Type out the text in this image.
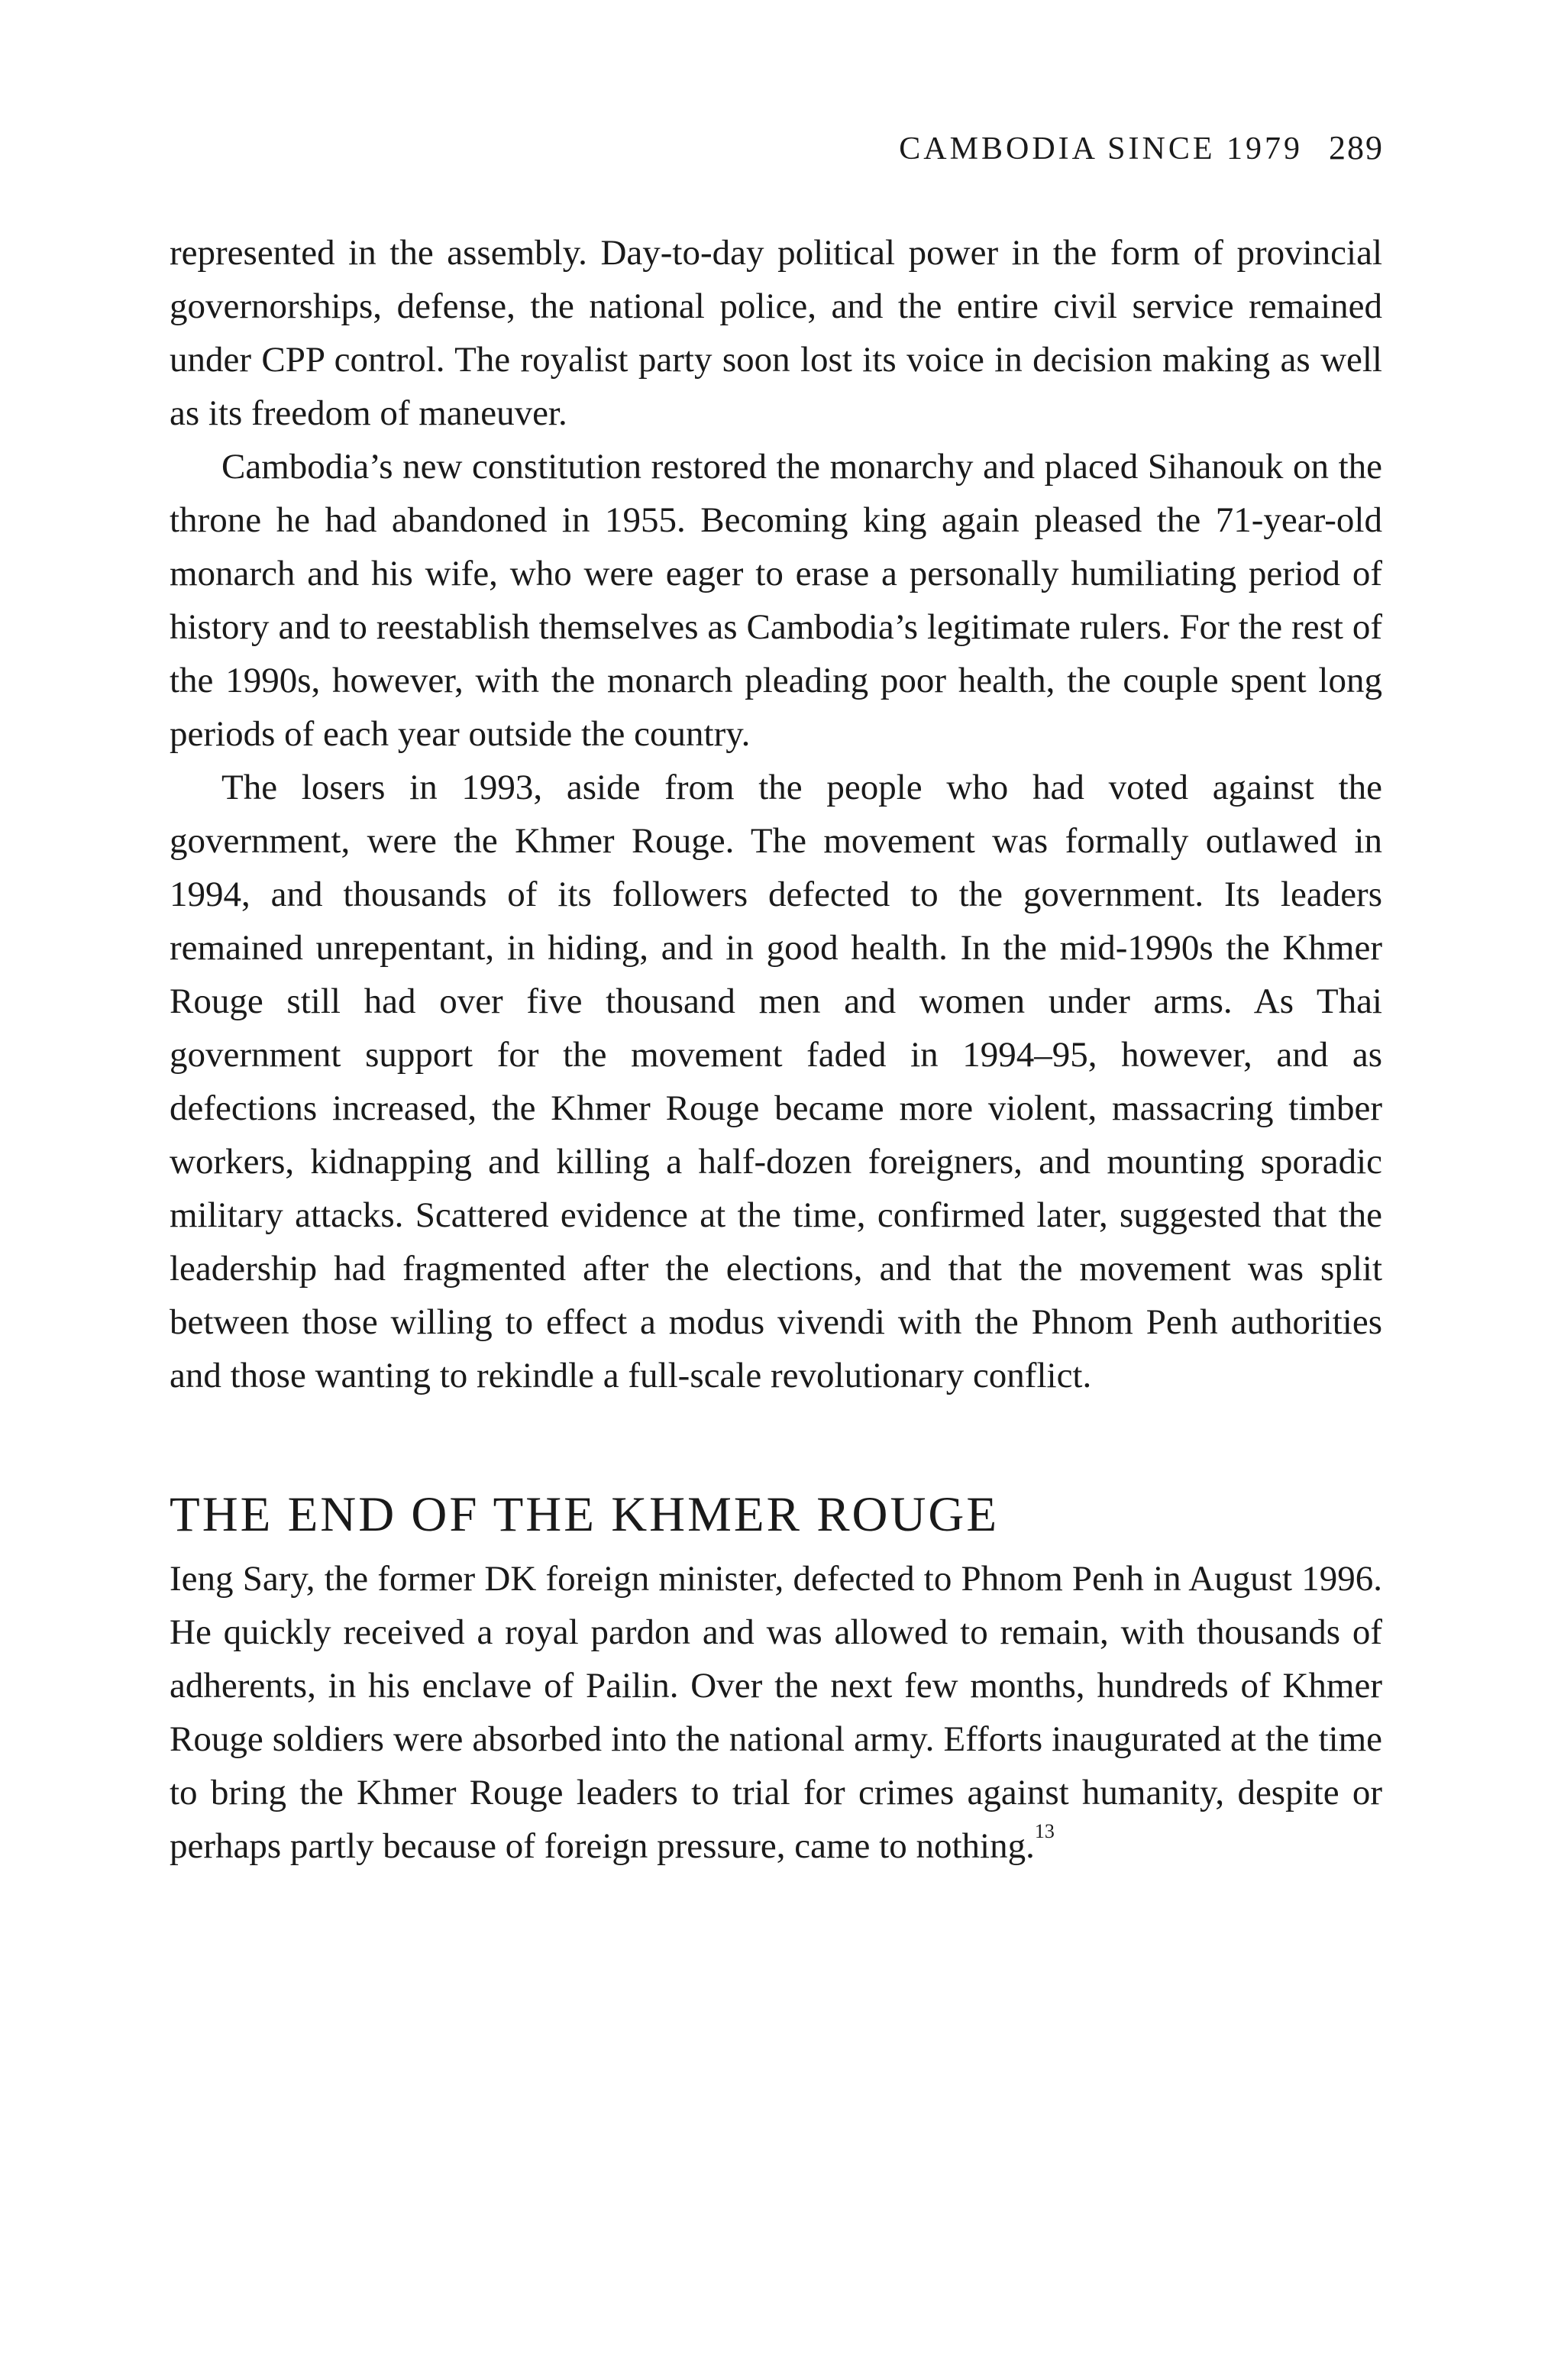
CAMBODIA SINCE 1979 289

represented in the assembly. Day-to-day political power in the form of provincial governorships, defense, the national police, and the entire civil service remained under CPP control. The royalist party soon lost its voice in decision making as well as its freedom of maneuver.

Cambodia’s new constitution restored the monarchy and placed Sihanouk on the throne he had abandoned in 1955. Becoming king again pleased the 71-year-old monarch and his wife, who were eager to erase a personally humiliating period of history and to reestablish themselves as Cambodia’s legitimate rulers. For the rest of the 1990s, however, with the monarch pleading poor health, the couple spent long periods of each year outside the country.

The losers in 1993, aside from the people who had voted against the government, were the Khmer Rouge. The movement was formally outlawed in 1994, and thousands of its followers defected to the government. Its leaders remained unrepentant, in hiding, and in good health. In the mid-1990s the Khmer Rouge still had over five thousand men and women under arms. As Thai government support for the movement faded in 1994–95, however, and as defections increased, the Khmer Rouge became more violent, massacring timber workers, kidnapping and killing a half-dozen foreigners, and mounting sporadic military attacks. Scattered evidence at the time, confirmed later, suggested that the leadership had fragmented after the elections, and that the movement was split between those willing to effect a modus vivendi with the Phnom Penh authorities and those wanting to rekindle a full-scale revolutionary conflict.

THE END OF THE KHMER ROUGE

Ieng Sary, the former DK foreign minister, defected to Phnom Penh in August 1996. He quickly received a royal pardon and was allowed to remain, with thousands of adherents, in his enclave of Pailin. Over the next few months, hundreds of Khmer Rouge soldiers were absorbed into the national army. Efforts inaugurated at the time to bring the Khmer Rouge leaders to trial for crimes against humanity, despite or perhaps partly because of foreign pressure, came to nothing.$^{13}$
